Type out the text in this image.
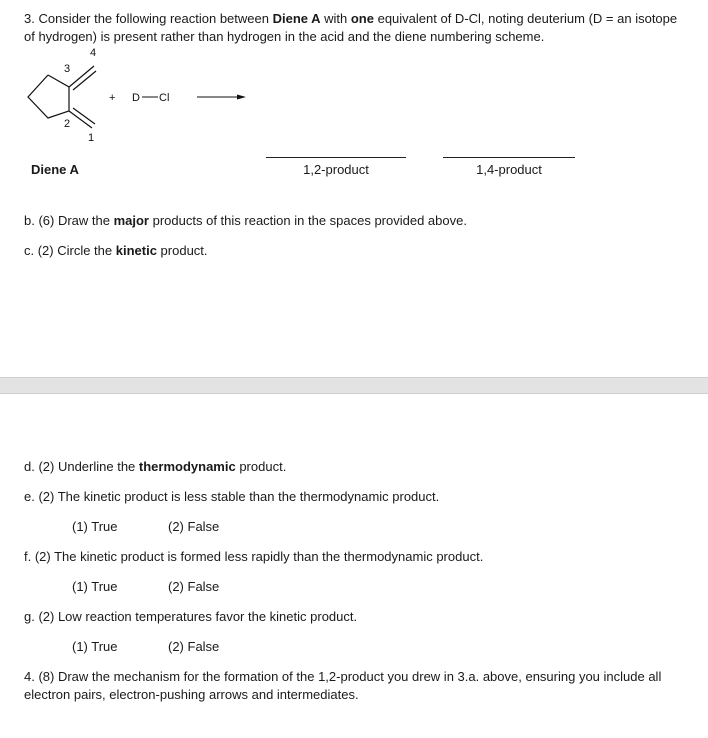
3. Consider the following reaction between Diene A with one equivalent of D-Cl, noting deuterium (D = an isotope of hydrogen) is present rather than hydrogen in the acid and the diene numbering scheme.
4
3
2
1
+ D Cl
Diene A	1,2-product	1,4-product
b. (6) Draw the major products of this reaction in the spaces provided above.
c. (2) Circle the kinetic product.
d. (2) Underline the thermodynamic product.
e. (2) The kinetic product is less stable than the thermodynamic product.
(1) True	(2) False
f. (2) The kinetic product is formed less rapidly than the thermodynamic product.
(1) True	(2) False
g. (2) Low reaction temperatures favor the kinetic product.
(1) True	(2) False
4. (8) Draw the mechanism for the formation of the 1,2-product you drew in 3.a. above, ensuring you include all electron pairs, electron-pushing arrows and intermediates.
